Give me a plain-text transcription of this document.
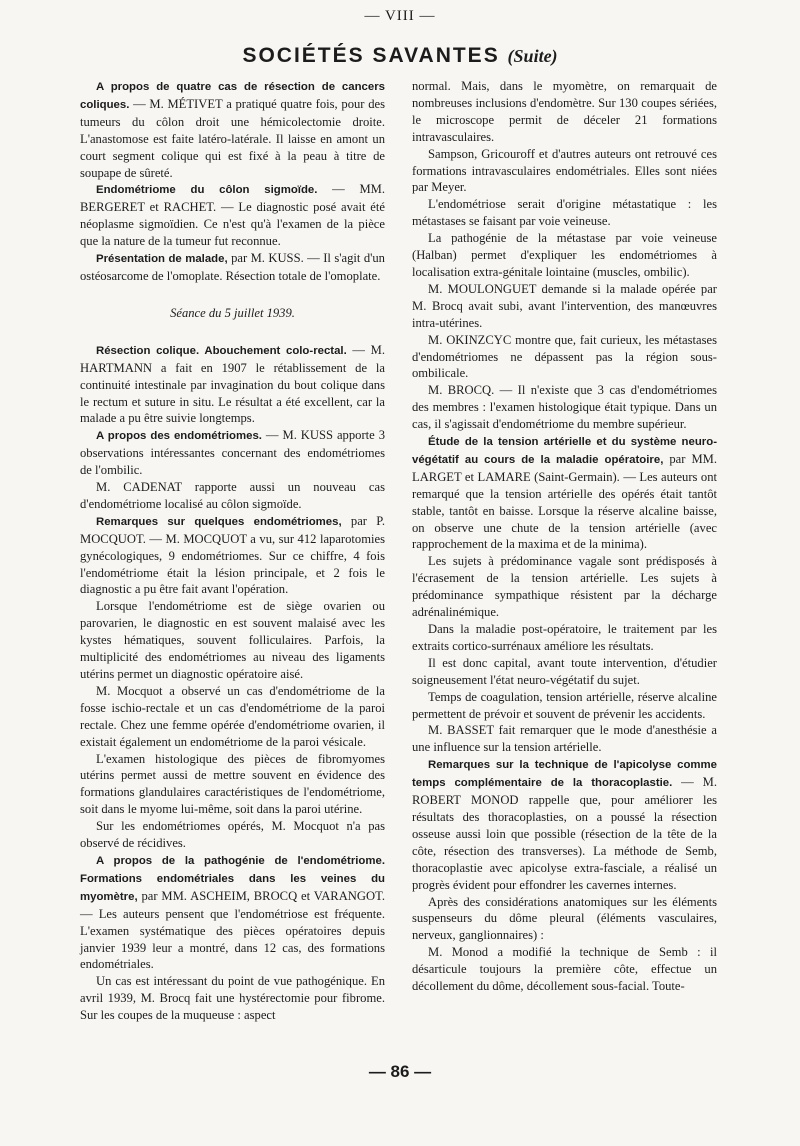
— VIII —
SOCIÉTÉS SAVANTES (Suite)

A propos de quatre cas de résection de cancers coliques. — M. MÉTIVET a pratiqué quatre fois, pour des tumeurs du côlon droit une hémicolectomie droite. L'anastomose est faite latéro-latérale. Il laisse en amont un court segment colique qui est fixé à la peau à titre de soupape de sûreté.

Endométriome du côlon sigmoïde. — MM. BERGERET et RACHET. — Le diagnostic posé avait été néoplasme sigmoïdien. Ce n'est qu'à l'examen de la pièce que la nature de la tumeur fut reconnue.

Présentation de malade, par M. KUSS. — Il s'agit d'un ostéosarcome de l'omoplate. Résection totale de l'omoplate.

Séance du 5 juillet 1939.

Résection colique. Abouchement colo-rectal. — M. HARTMANN a fait en 1907 le rétablissement de la continuité intestinale par invagination du bout colique dans le rectum et suture in situ. Le résultat a été excellent, car la malade a pu être suivie longtemps.

A propos des endométriomes. — M. KUSS apporte 3 observations intéressantes concernant des endométriomes de l'ombilic.

M. CADENAT rapporte aussi un nouveau cas d'endométriome localisé au côlon sigmoïde.

Remarques sur quelques endométriomes, par P. MOCQUOT. — M. MOCQUOT a vu, sur 412 laparotomies gynécologiques, 9 endométriomes. Sur ce chiffre, 4 fois l'endométriome était la lésion principale, et 2 fois le diagnostic a pu être fait avant l'opération.

Lorsque l'endométriome est de siège ovarien ou parovarien, le diagnostic en est souvent malaisé avec les kystes hématiques, souvent folliculaires. Parfois, la multiplicité des endométriomes au niveau des ligaments utérins permet un diagnostic opératoire aisé.

M. Mocquot a observé un cas d'endométriome de la fosse ischio-rectale et un cas d'endométriome de la paroi rectale. Chez une femme opérée d'endométriome ovarien, il existait également un endométriome de la paroi vésicale.

L'examen histologique des pièces de fibromyomes utérins permet aussi de mettre souvent en évidence des formations glandulaires caractéristiques de l'endométriome, soit dans le myome lui-même, soit dans la paroi utérine.

Sur les endométriomes opérés, M. Mocquot n'a pas observé de récidives.

A propos de la pathogénie de l'endométriome. Formations endométriales dans les veines du myomètre, par MM. ASCHEIM, BROCQ et VARANGOT. — Les auteurs pensent que l'endométriose est fréquente. L'examen systématique des pièces opératoires depuis janvier 1939 leur a montré, dans 12 cas, des formations endométriales.

Un cas est intéressant du point de vue pathogénique. En avril 1939, M. Brocq fait une hystérectomie pour fibrome. Sur les coupes de la muqueuse : aspect

normal. Mais, dans le myomètre, on remarquait de nombreuses inclusions d'endomètre. Sur 130 coupes sériées, le microscope permit de déceler 21 formations intravasculaires.

Sampson, Gricouroff et d'autres auteurs ont retrouvé ces formations intravasculaires endométriales. Elles sont niées par Meyer.

L'endométriose serait d'origine métastatique : les métastases se faisant par voie veineuse.

La pathogénie de la métastase par voie veineuse (Halban) permet d'expliquer les endométriomes à localisation extra-génitale lointaine (muscles, ombilic).

M. MOULONGUET demande si la malade opérée par M. Brocq avait subi, avant l'intervention, des manœuvres intra-utérines.

M. OKINZCYC montre que, fait curieux, les métastases d'endométriomes ne dépassent pas la région sous-ombilicale.

M. BROCQ. — Il n'existe que 3 cas d'endométriomes des membres : l'examen histologique était typique. Dans un cas, il s'agissait d'endométriome du membre supérieur.

Étude de la tension artérielle et du système neuro-végétatif au cours de la maladie opératoire, par MM. LARGET et LAMARE (Saint-Germain). — Les auteurs ont remarqué que la tension artérielle des opérés était tantôt stable, tantôt en baisse. Lorsque la réserve alcaline baisse, on observe une chute de la tension artérielle (avec rapprochement de la maxima et de la minima).

Les sujets à prédominance vagale sont prédisposés à l'écrasement de la tension artérielle. Les sujets à prédominance sympathique résistent par la décharge adrénalinémique.

Dans la maladie post-opératoire, le traitement par les extraits cortico-surrénaux améliore les résultats.

Il est donc capital, avant toute intervention, d'étudier soigneusement l'état neuro-végétatif du sujet.

Temps de coagulation, tension artérielle, réserve alcaline permettent de prévoir et souvent de prévenir les accidents.

M. BASSET fait remarquer que le mode d'anesthésie a une influence sur la tension artérielle.

Remarques sur la technique de l'apicolyse comme temps complémentaire de la thoracoplastie. — M. ROBERT MONOD rappelle que, pour améliorer les résultats des thoracoplasties, on a poussé la résection osseuse aussi loin que possible (résection de la tête de la côte, résection des transverses). La méthode de Semb, thoracoplastie avec apicolyse extra-fasciale, a réalisé un progrès évident pour effondrer les cavernes internes.

Après des considérations anatomiques sur les éléments suspenseurs du dôme pleural (éléments vasculaires, nerveux, ganglionnaires) :

M. Monod a modifié la technique de Semb : il désarticule toujours la première côte, effectue un décollement du dôme, décollement sous-facial. Toute-

— 86 —
